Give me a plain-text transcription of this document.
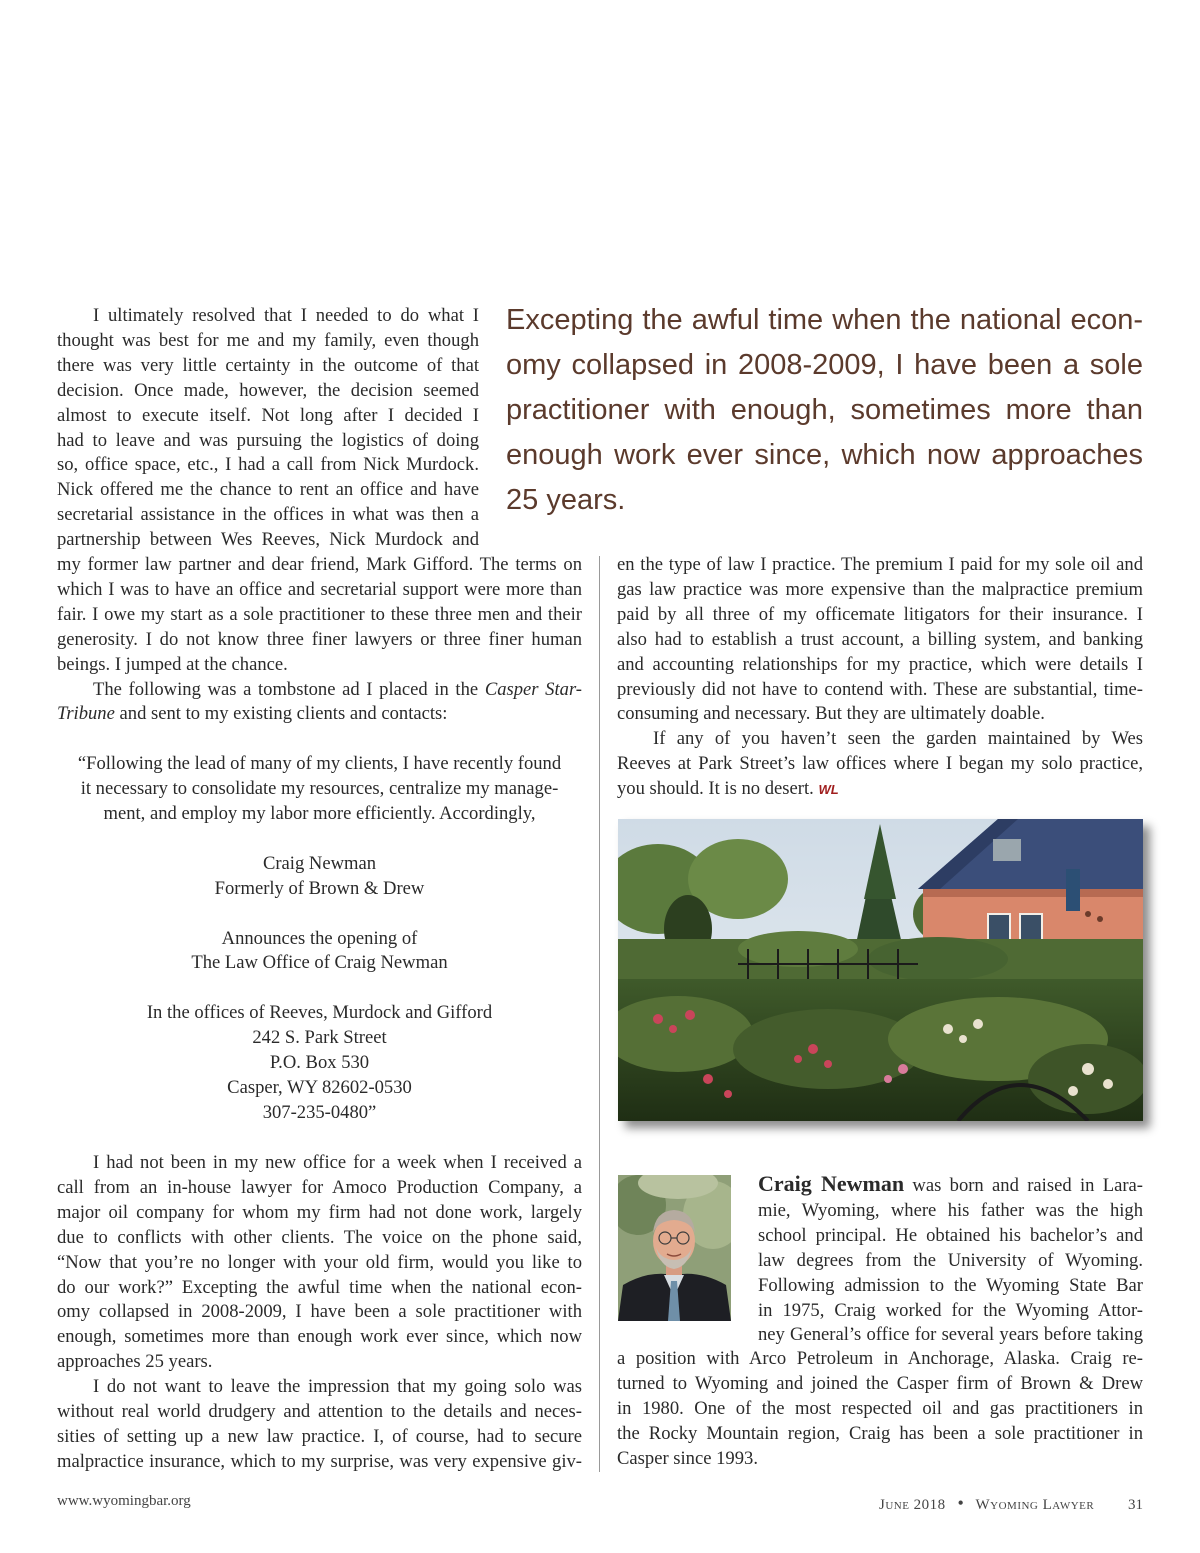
Excepting the awful time when the national econ-
omy collapsed in 2008-2009, I have been a sole
practitioner with enough, sometimes more than
enough work ever since, which now approaches
25 years.
I ultimately resolved that I needed to do what I
thought was best for me and my family, even though
there was very little certainty in the outcome of that
decision. Once made, however, the decision seemed
almost to execute itself. Not long after I decided I
had to leave and was pursuing the logistics of doing
so, office space, etc., I had a call from Nick Murdock.
Nick offered me the chance to rent an office and have
secretarial assistance in the offices in what was then a
partnership between Wes Reeves, Nick Murdock and
my former law partner and dear friend, Mark Gifford. The terms on
which I was to have an office and secretarial support were more than
fair. I owe my start as a sole practitioner to these three men and their
generosity. I do not know three finer lawyers or three finer human
beings. I jumped at the chance.

The following was a tombstone ad I placed in the Casper Star-Tribune and sent to my existing clients and contacts:

“Following the lead of many of my clients, I have recently found
it necessary to consolidate my resources, centralize my manage-
ment, and employ my labor more efficiently. Accordingly,
Craig Newman
Formerly of Brown & Drew
Announces the opening of
The Law Office of Craig Newman
In the offices of Reeves, Murdock and Gifford
242 S. Park Street
P.O. Box 530
Casper, WY 82602-0530
307-235-0480”
I had not been in my new office for a week when I received a
call from an in-house lawyer for Amoco Production Company, a
major oil company for whom my firm had not done work, largely
due to conflicts with other clients. The voice on the phone said,
“Now that you’re no longer with your old firm, would you like to
do our work?” Excepting the awful time when the national econ-
omy collapsed in 2008-2009, I have been a sole practitioner with
enough, sometimes more than enough work ever since, which now
approaches 25 years.
I do not want to leave the impression that my going solo was
without real world drudgery and attention to the details and neces-
sities of setting up a new law practice. I, of course, had to secure
malpractice insurance, which to my surprise, was very expensive giv-
en the type of law I practice. The premium I paid for my sole oil and
gas law practice was more expensive than the malpractice premium
paid by all three of my officemate litigators for their insurance. I
also had to establish a trust account, a billing system, and banking
and accounting relationships for my practice, which were details I
previously did not have to contend with. These are substantial, time-
consuming and necessary. But they are ultimately doable.
If any of you haven’t seen the garden maintained by Wes
Reeves at Park Street’s law offices where I began my solo practice,
you should. It is no desert. WL
Craig Newman was born and raised in Lara-
mie, Wyoming, where his father was the high
school principal. He obtained his bachelor’s and
law degrees from the University of Wyoming.
Following admission to the Wyoming State Bar
in 1975, Craig worked for the Wyoming Attor-
ney General’s office for several years before taking
a position with Arco Petroleum in Anchorage, Alaska. Craig re-
turned to Wyoming and joined the Casper firm of Brown & Drew
in 1980. One of the most respected oil and gas practitioners in
the Rocky Mountain region, Craig has been a sole practitioner in
Casper since 1993.
www.wyomingbar.org	June 2018 • Wyoming Lawyer 31
